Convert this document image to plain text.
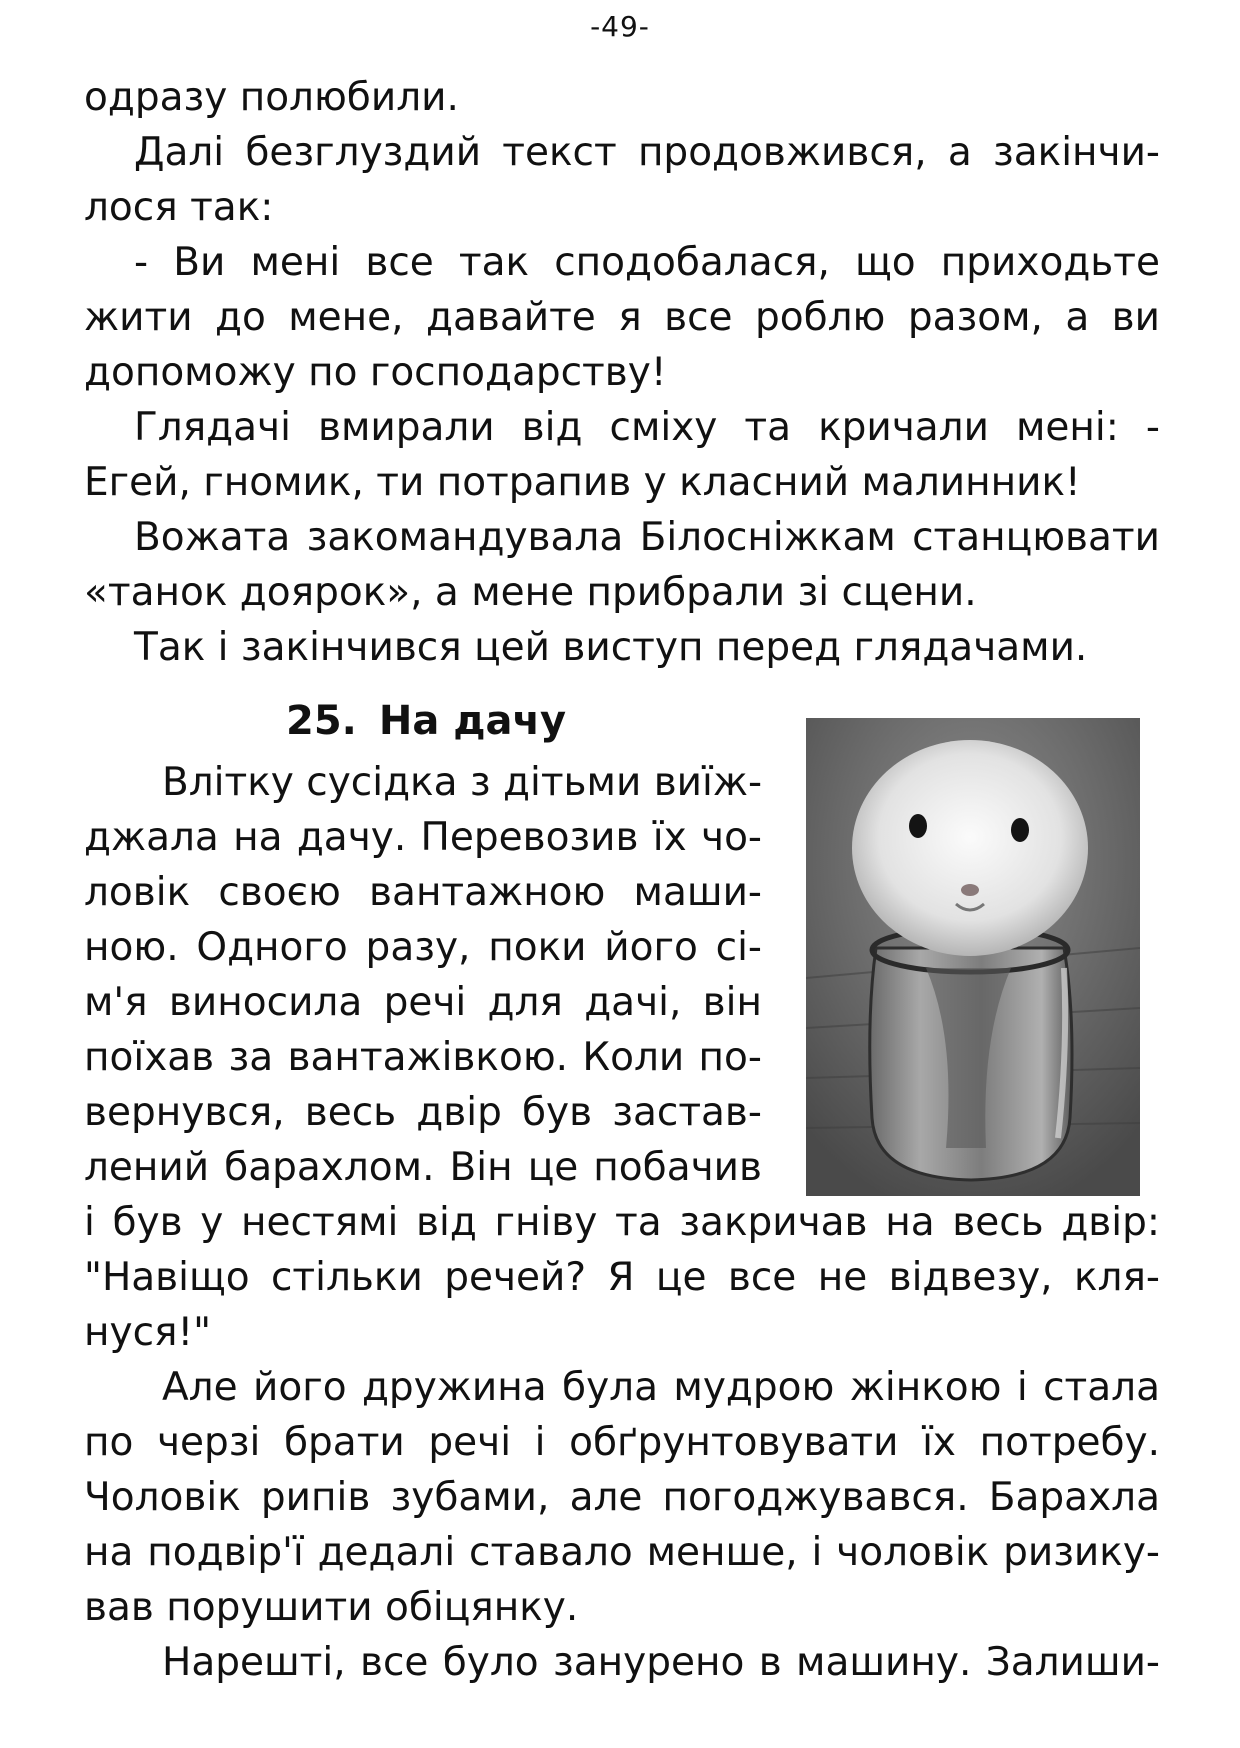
-49-
одразу полюбили.
Далі безглуздий текст продовжився, а закінчи-
лося так:
- Ви мені все так сподобалася, що приходьте
жити до мене, давайте я все роблю разом, а ви
допоможу по господарству!
Глядачі вмирали від сміху та кричали мені: -
Егей, гномик, ти потрапив у класний малинник!
Вожата закомандувала Білосніжкам станцювати
«танок доярок», а мене прибрали зі сцени.
Так і закінчився цей виступ перед глядачами.
25. На дачу
Влітку сусідка з дітьми виїж-
джала на дачу. Перевозив їх чо-
ловік своєю вантажною маши-
ною. Одного разу, поки його сі-
м'я виносила речі для дачі, він
поїхав за вантажівкою. Коли по-
вернувся, весь двір був застав-
лений барахлом. Він це побачив
і був у нестямі від гніву та закричав на весь двір:
"Навіщо стільки речей? Я це все не відвезу, кля-
нуся!"
Але його дружина була мудрою жінкою і стала
по черзі брати речі і обґрунтовувати їх потребу.
Чоловік рипів зубами, але погоджувався. Барахла
на подвір'ї дедалі ставало менше, і чоловік ризику-
вав порушити обіцянку.
Нарешті, все було занурено в машину. Залиши-
